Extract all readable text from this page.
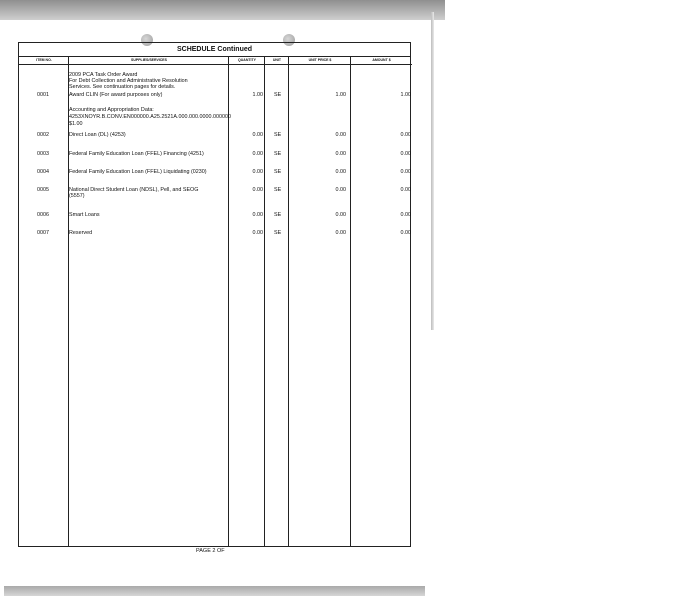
SCHEDULE Continued
ITEM NO.	SUPPLIES/SERVICES	QUANTITY	UNIT	UNIT PRICE $	AMOUNT $
2009 PCA Task Order Award
For Debt Collection and Administrative Resolution
Services. See continuation pages for details.
0001	Award CLIN (For award purposes only)	1.00 SE	1.00	1.00
Accounting and Appropriation Data:
4253XNOYR.B.CONV.EN000000.A25.2521A.000.000.0000.000000
$1.00
0002	Direct Loan (DL) (4253)	0.00 SE	0.00	0.00
0003	Federal Family Education Loan (FFEL) Financing (4251)	0.00 SE	0.00	0.00
0004	Federal Family Education Loan (FFEL) Liquidating (0230)	0.00 SE	0.00	0.00
0005	National Direct Student Loan (NDSL), Pell, and SEOG	0.00 SE	0.00	0.00
(5557)
0006	Smart Loans	0.00 SE	0.00	0.00
0007	Reserved	0.00 SE	0.00	0.00
PAGE 2 OF
